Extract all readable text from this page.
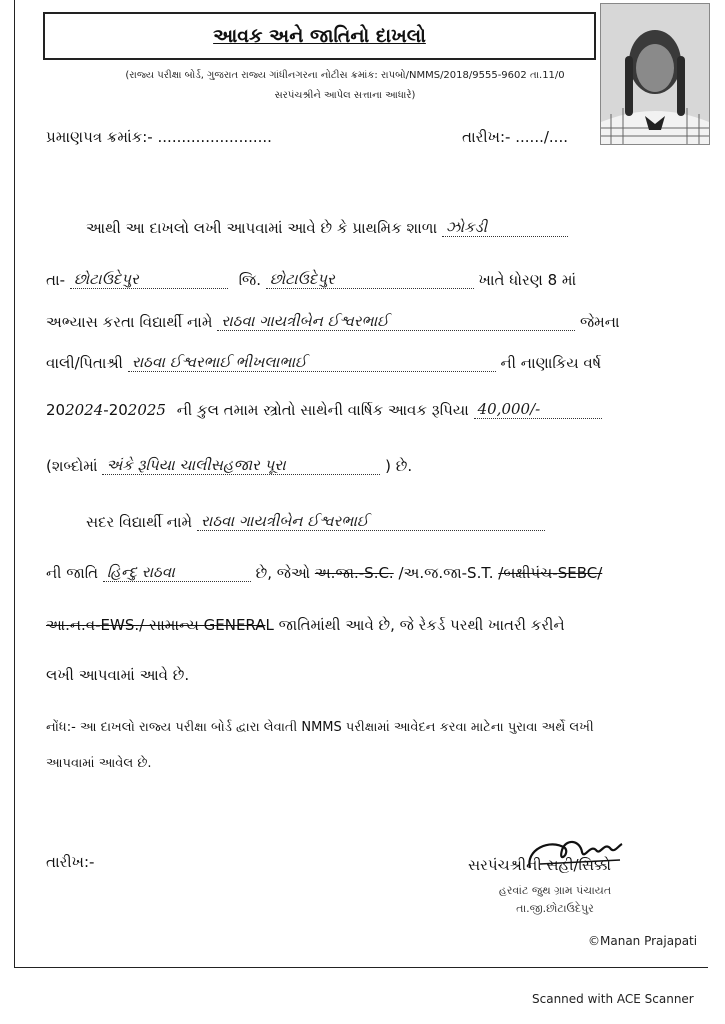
આવક અને જાતિનો દાખલો
(રાજ્ય પરીક્ષા બોર્ડ, ગુજરાત રાજ્ય ગાંધીનગરના નોટીસ ક્રમાંક: રાપબો/NMMS/2018/9555-9602 તા.11/0
સરપંચશ્રીને આપેલ સત્તાના આધારે)
પ્રમાણપત્ર ક્રમાંક:- ........................	તારીખ:- ....../....
આથી આ દાખલો લખી આપવામાં આવે છે કે પ્રાથમિક શાળા ઝોકડી
તા- છોટાઉદેપુર	જિ. છોટાઉદેપુર	ખાતે ધોરણ 8 માં
અભ્યાસ કરતા વિદ્યાર્થી નામે રાઠવા ગાયત્રીબેન ઈશ્વરભાઈ	જેમના
વાલી/પિતાશ્રી રાઠવા ઈશ્વરભાઈ ભીખલાભાઈ	ની નાણાકિય વર્ષ
202024-202025 ની કુલ તમામ સ્ત્રોતો સાથેની વાર્ષિક આવક રૂપિયા 40,000/-
(શબ્દોમાં અંકે રૂપિયા ચાલીસહજાર પૂરા	) છે.
સદર વિદ્યાર્થી નામે રાઠવા ગાયત્રીબેન ઈશ્વરભાઈ
ની જાતિ હિન્દુ રાઠવા	છે, જેઓ અ.જા.-S.C. /અ.જ.જા-S.T. /બક્ષીપંચ-SEBC/
આ.ન.વ-EWS./ સામાન્ય GENERAL જાતિમાંથી આવે છે, જે રેકર્ડ પરથી ખાતરી કરીને
લખી આપવામાં આવે છે.
નોંધ:- આ દાખલો રાજ્ય પરીક્ષા બોર્ડ દ્વારા લેવાતી NMMS પરીક્ષામાં આવેદન કરવા માટેના પુરાવા અર્થે લખી
આપવામાં આવેલ છે.
તારીખ:-	સરપંચશ્રીની સહી/સિક્કો
હરવાંટ જુથ ગ્રામ પંચાયત
તા.જી.છોટાઉદેપુર
©Manan Prajapati
Scanned with ACE Scanner
